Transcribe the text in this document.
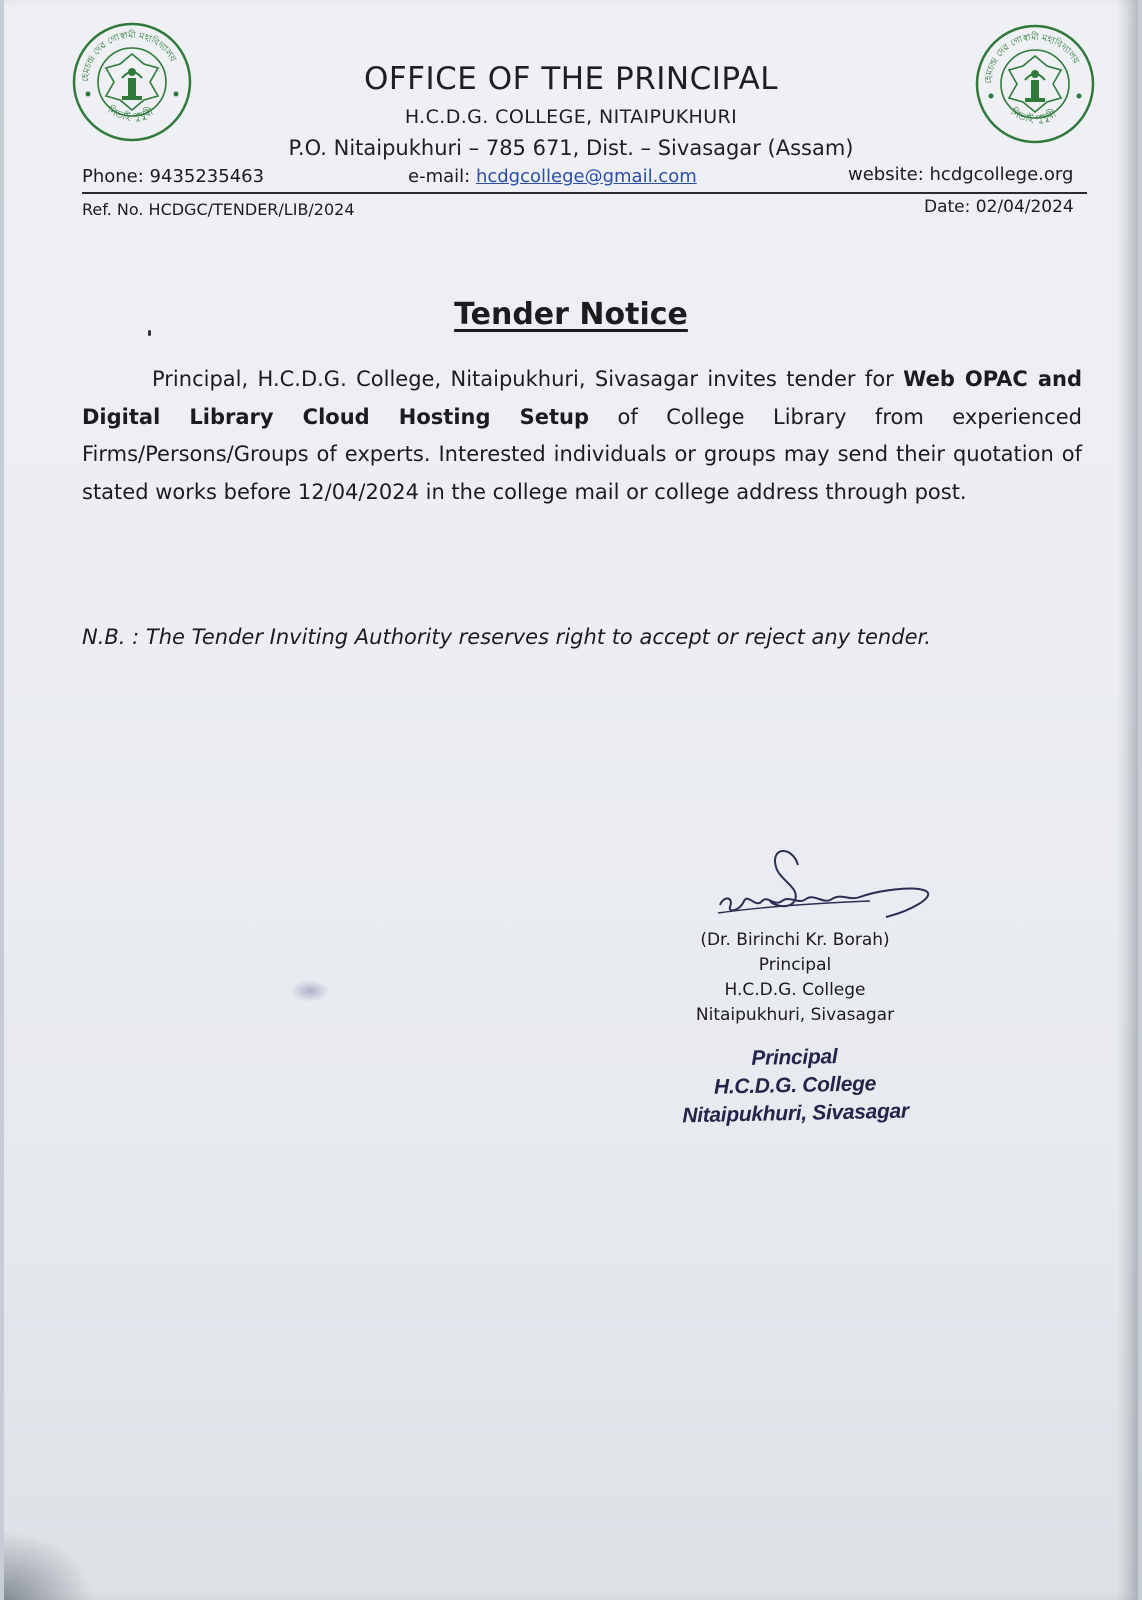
হেমচন্দ্ৰ দেৱ গোস্বামী মহাবিদ্যালয়
নিতাই পুখুৰী
হেমচন্দ্ৰ দেৱ গোস্বামী মহাবিদ্যালয়
নিতাই পুখুৰী
OFFICE OF THE PRINCIPAL
H.C.D.G. COLLEGE, NITAIPUKHURI
P.O. Nitaipukhuri – 785 671, Dist. – Sivasagar (Assam)
Phone: 9435235463	e-mail: hcdgcollege@gmail.com	website: hcdgcollege.org
Ref. No. HCDGC/TENDER/LIB/2024	Date: 02/04/2024
Tender Notice
Principal, H.C.D.G. College, Nitaipukhuri, Sivasagar invites tender for Web OPAC and Digital Library Cloud Hosting Setup of College Library from experienced Firms/Persons/Groups of experts. Interested individuals or groups may send their quotation of stated works before 12/04/2024 in the college mail or college address through post.
N.B. : The Tender Inviting Authority reserves right to accept or reject any tender.
(Dr. Birinchi Kr. Borah)
Principal
H.C.D.G. College
Nitaipukhuri, Sivasagar
Principal
H.C.D.G. College
Nitaipukhuri, Sivasagar
